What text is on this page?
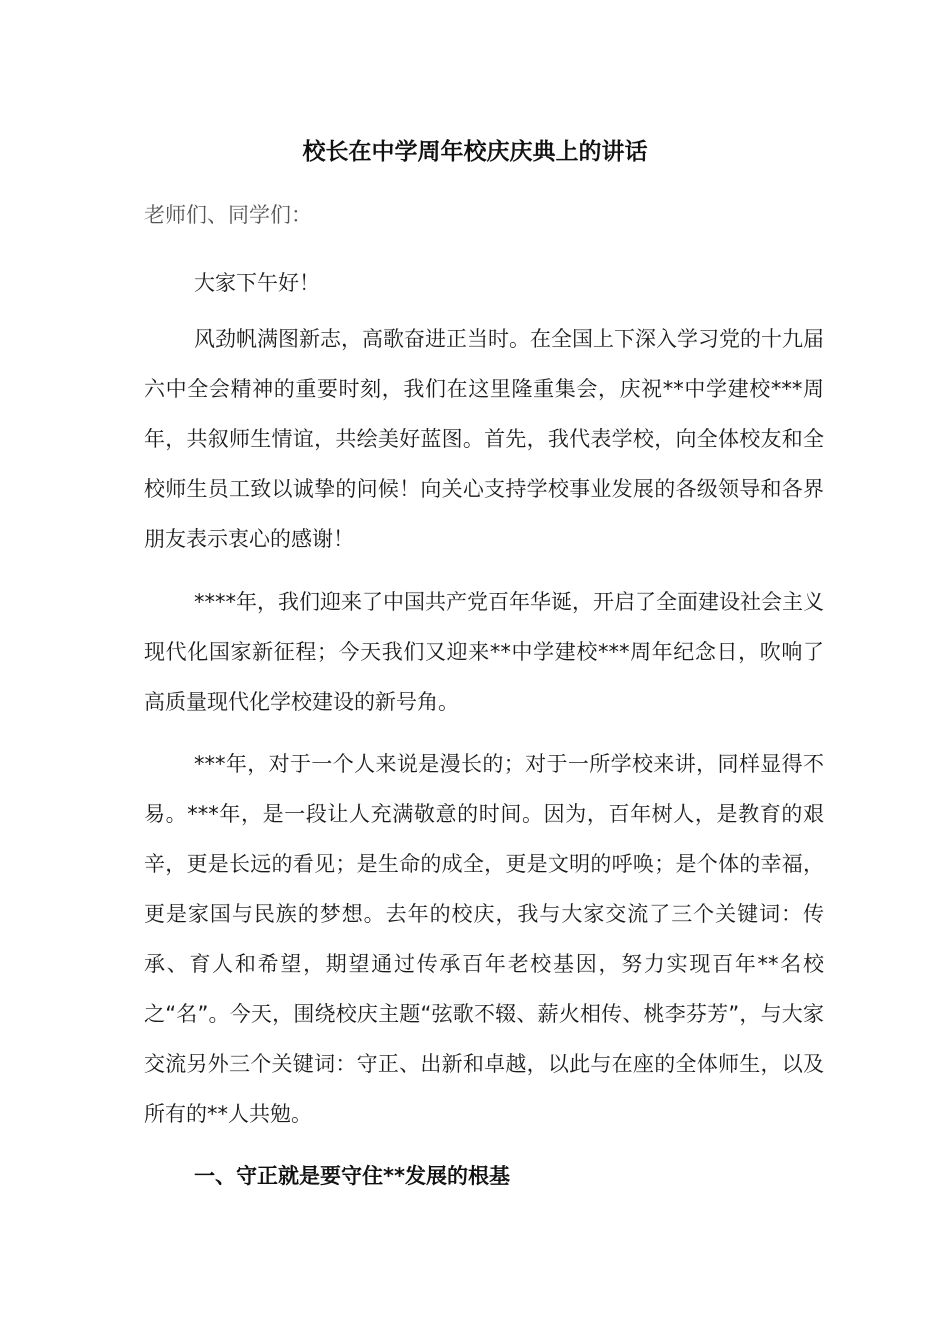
校长在中学周年校庆庆典上的讲话
老师们、同学们：
大家下午好！
风劲帆满图新志，高歌奋进正当时。在全国上下深入学习党的十九届六中全会精神的重要时刻，我们在这里隆重集会，庆祝**中学建校***周年，共叙师生情谊，共绘美好蓝图。首先，我代表学校，向全体校友和全校师生员工致以诚挚的问候！向关心支持学校事业发展的各级领导和各界朋友表示衷心的感谢！
****年，我们迎来了中国共产党百年华诞，开启了全面建设社会主义现代化国家新征程；今天我们又迎来**中学建校***周年纪念日，吹响了高质量现代化学校建设的新号角。
***年，对于一个人来说是漫长的；对于一所学校来讲，同样显得不易。***年，是一段让人充满敬意的时间。因为，百年树人，是教育的艰辛，更是长远的看见；是生命的成全，更是文明的呼唤；是个体的幸福，更是家国与民族的梦想。去年的校庆，我与大家交流了三个关键词：传承、育人和希望，期望通过传承百年老校基因，努力实现百年**名校之“名”。今天，围绕校庆主题“弦歌不辍、薪火相传、桃李芬芳”，与大家交流另外三个关键词：守正、出新和卓越，以此与在座的全体师生，以及所有的**人共勉。
一、守正就是要守住**发展的根基
